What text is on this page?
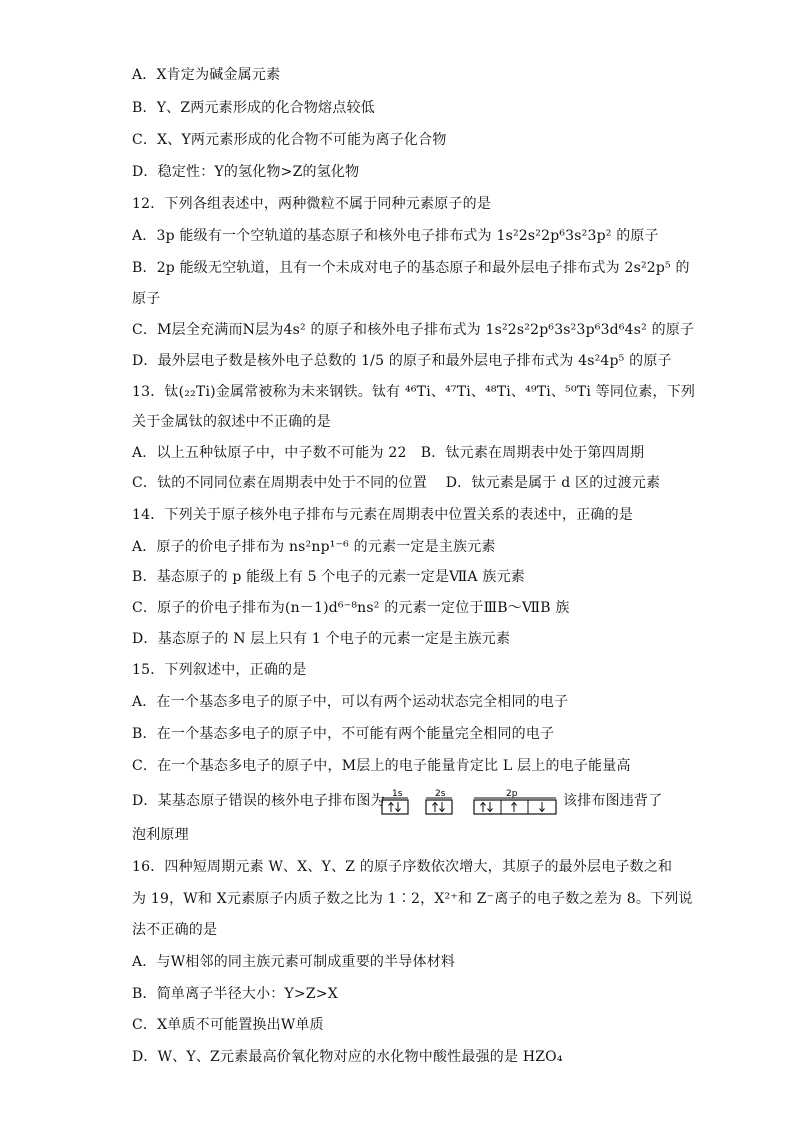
A．X肯定为碱金属元素
B．Y、Z两元素形成的化合物熔点较低
C．X、Y两元素形成的化合物不可能为离子化合物
D．稳定性：Y的氢化物>Z的氢化物
12．下列各组表述中，两种微粒不属于同种元素原子的是
A．3p 能级有一个空轨道的基态原子和核外电子排布式为 1s²2s²2p⁶3s²3p² 的原子
B．2p 能级无空轨道，且有一个未成对电子的基态原子和最外层电子排布式为 2s²2p⁵ 的
原子
C．M层全充满而N层为4s² 的原子和核外电子排布式为 1s²2s²2p⁶3s²3p⁶3d⁶4s² 的原子
D．最外层电子数是核外电子总数的 1/5 的原子和最外层电子排布式为 4s²4p⁵ 的原子
13．钛(₂₂Ti)金属常被称为未来钢铁。钛有 ⁴⁶Ti、⁴⁷Ti、⁴⁸Ti、⁴⁹Ti、⁵⁰Ti 等同位素，下列
关于金属钛的叙述中不正确的是
A．以上五种钛原子中，中子数不可能为 22　B．钛元素在周期表中处于第四周期
C．钛的不同同位素在周期表中处于不同的位置　 D．钛元素是属于 d 区的过渡元素
14．下列关于原子核外电子排布与元素在周期表中位置关系的表述中，正确的是
A．原子的价电子排布为 ns²np¹⁻⁶ 的元素一定是主族元素
B．基态原子的 p 能级上有 5 个电子的元素一定是ⅦA 族元素
C．原子的价电子排布为(n－1)d⁶⁻⁸ns² 的元素一定位于ⅢB～ⅦB 族
D．基态原子的 N 层上只有 1 个电子的元素一定是主族元素
15．下列叙述中，正确的是
A．在一个基态多电子的原子中，可以有两个运动状态完全相同的电子
B．在一个基态多电子的原子中，不可能有两个能量完全相同的电子
C．在一个基态多电子的原子中，M层上的电子能量肯定比 L 层上的电子能量高
D．某基态原子错误的核外电子排布图为 1s	2s	2p	该排布图违背了
泡利原理
16．四种短周期元素 W、X、Y、Z 的原子序数依次增大，其原子的最外层电子数之和
为 19，W和 X元素原子内质子数之比为 1∶2，X²⁺和 Z⁻离子的电子数之差为 8。下列说
法不正确的是
A．与W相邻的同主族元素可制成重要的半导体材料
B．简单离子半径大小：Y>Z>X
C．X单质不可能置换出W单质
D．W、Y、Z元素最高价氧化物对应的水化物中酸性最强的是 HZO₄
